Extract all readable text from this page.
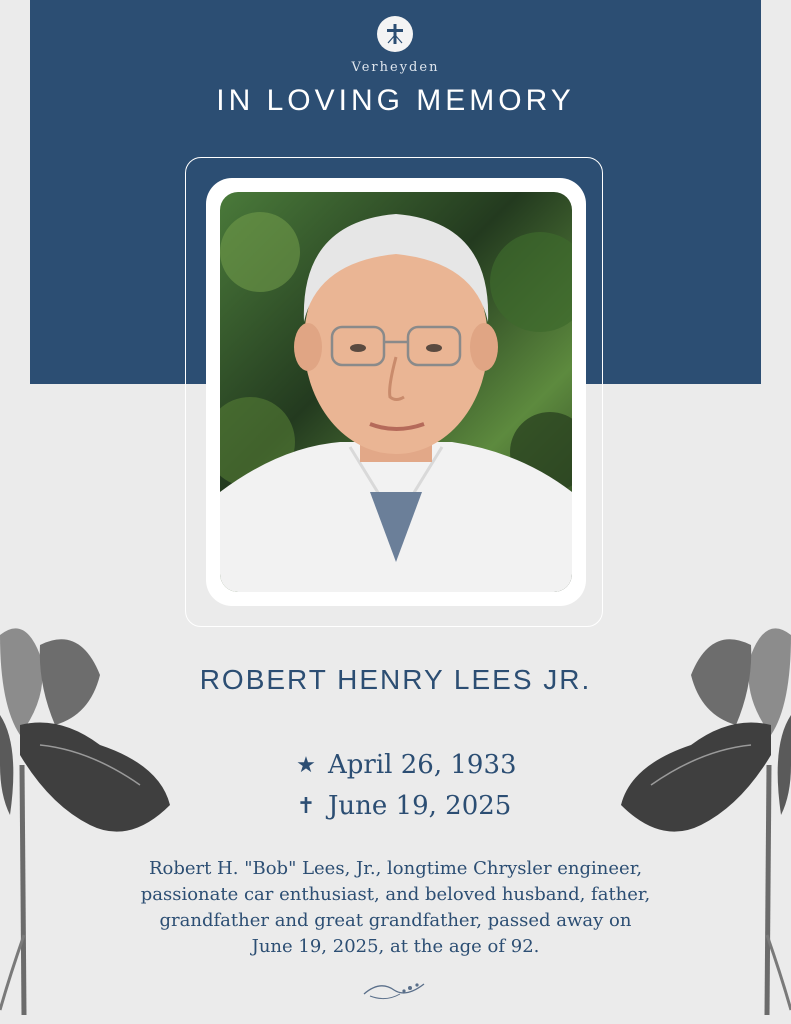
Verheyden
IN LOVING MEMORY
ROBERT HENRY LEES JR.
★ April 26, 1933
✝ June 19, 2025
Robert H. "Bob" Lees, Jr., longtime Chrysler engineer,
passionate car enthusiast, and beloved husband, father,
grandfather and great grandfather, passed away on
June 19, 2025, at the age of 92.
